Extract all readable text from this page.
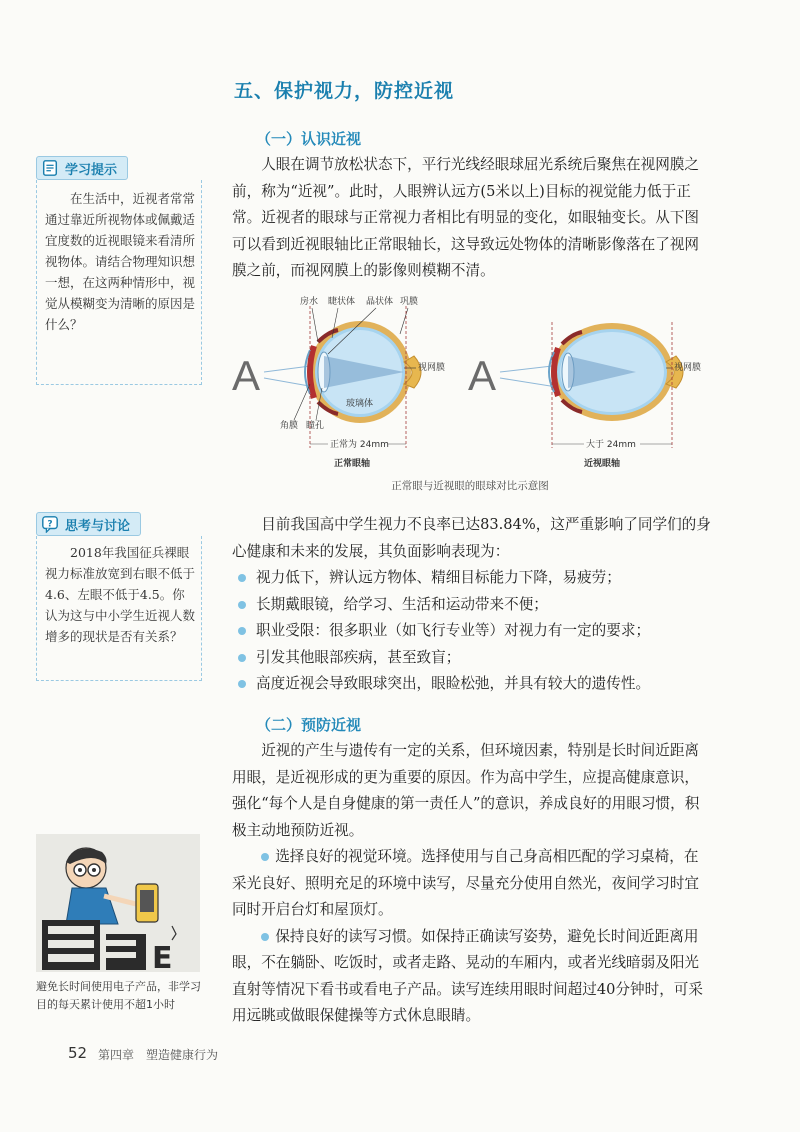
五、保护视力，防控近视
（一）认识近视

人眼在调节放松状态下，平行光线经眼球屈光系统后聚焦在视网膜之前，称为“近视”。此时，人眼辨认远方(5米以上)目标的视觉能力低于正常。近视者的眼球与正常视力者相比有明显的变化，如眼轴变长。从下图可以看到近视眼轴比正常眼轴长，这导致远处物体的清晰影像落在了视网膜之前，而视网膜上的影像则模糊不清。

学习提示
在生活中，近视者常常通过靠近所视物体或佩戴适宜度数的近视眼镜来看清所视物体。请结合物理知识想一想，在这两种情形中，视觉从模糊变为清晰的原因是什么？
A
房水 睫状体 晶状体 巩膜
视网膜
玻璃体
角膜 瞳孔
正常为 24mm
A	视网膜
大于 24mm
正常眼轴	近视眼轴
正常眼与近视眼的眼球对比示意图
? 思考与讨论
2018年我国征兵裸眼视力标准放宽到右眼不低于4.6、左眼不低于4.5。你认为这与中小学生近视人数增多的现状是否有关系？

目前我国高中学生视力不良率已达83.84%，这严重影响了同学们的身心健康和未来的发展，其负面影响表现为：

视力低下，辨认远方物体、精细目标能力下降，易疲劳；
长期戴眼镜，给学习、生活和运动带来不便；
职业受限：很多职业（如飞行专业等）对视力有一定的要求；
引发其他眼部疾病，甚至致盲；
高度近视会导致眼球突出，眼睑松弛，并具有较大的遗传性。
（二）预防近视

近视的产生与遗传有一定的关系，但环境因素，特别是长时间近距离用眼，是近视形成的更为重要的原因。作为高中学生，应提高健康意识，强化“每个人是自身健康的第一责任人”的意识，养成良好的用眼习惯，积极主动地预防近视。

选择良好的视觉环境。选择使用与自己身高相匹配的学习桌椅，在采光良好、照明充足的环境中读写，尽量充分使用自然光，夜间学习时宜同时开启台灯和屋顶灯。

保持良好的读写习惯。如保持正确读写姿势，避免长时间近距离用眼，不在躺卧、吃饭时，或者走路、晃动的车厢内，或者光线暗弱及阳光直射等情况下看书或看电子产品。读写连续用眼时间超过40分钟时，可采用远眺或做眼保健操等方式休息眼睛。

E
避免长时间使用电子产品，非学习目的每天累计使用不超1小时
52 第四章　塑造健康行为
